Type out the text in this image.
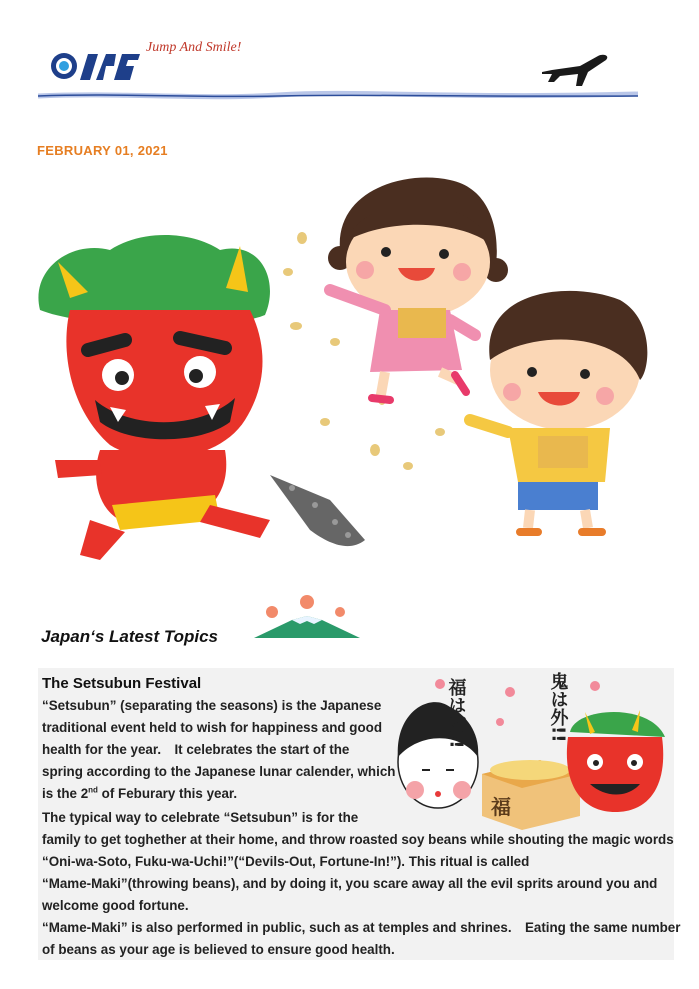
Jump And Smile!
FEBRUARY 01, 2021
Japan‘s Latest Topics
The Setsubun Festival
福
福は内!!	鬼は外!!
“Setsubun” (separating the seasons) is the Japanese
traditional event held to wish for happiness and good
health for the year.　It celebrates the start of the
spring according to the Japanese lunar calender, which
is the 2nd of Feburary this year.
The typical way to celebrate “Setsubun” is for the
family to get toghether at their home, and throw roasted soy beans while shouting the magic words
“Oni-wa-Soto, Fuku-wa-Uchi!”(“Devils-Out, Fortune-In!”). This ritual is called
“Mame-Maki”(throwing beans), and by doing it, you scare away all the evil sprits around you and
welcome good fortune.
“Mame-Maki” is also performed in public, such as at temples and shrines.　Eating the same number
of beans as your age is believed to ensure good health.
